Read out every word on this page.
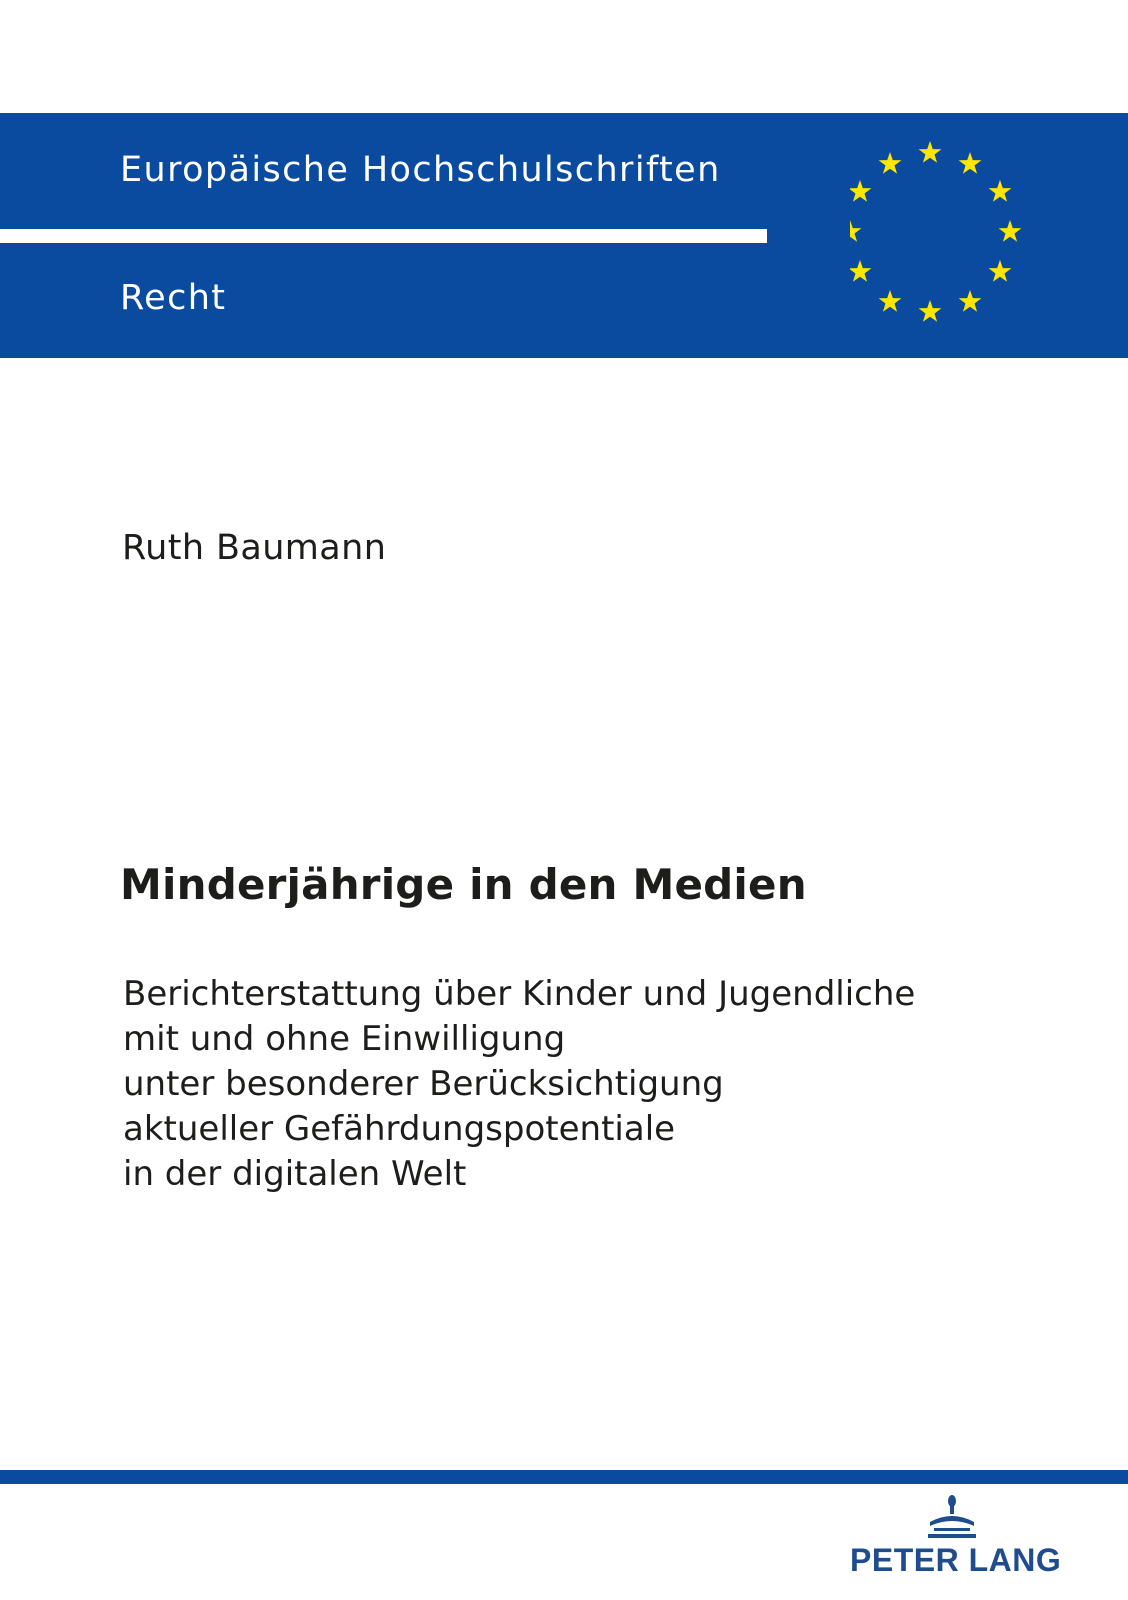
Europäische Hochschulschriften
Recht
Ruth Baumann
Minderjährige in den Medien
Berichterstattung über Kinder und Jugendliche
mit und ohne Einwilligung
unter besonderer Berücksichtigung
aktueller Gefährdungspotentiale
in der digitalen Welt
PETER LANG
